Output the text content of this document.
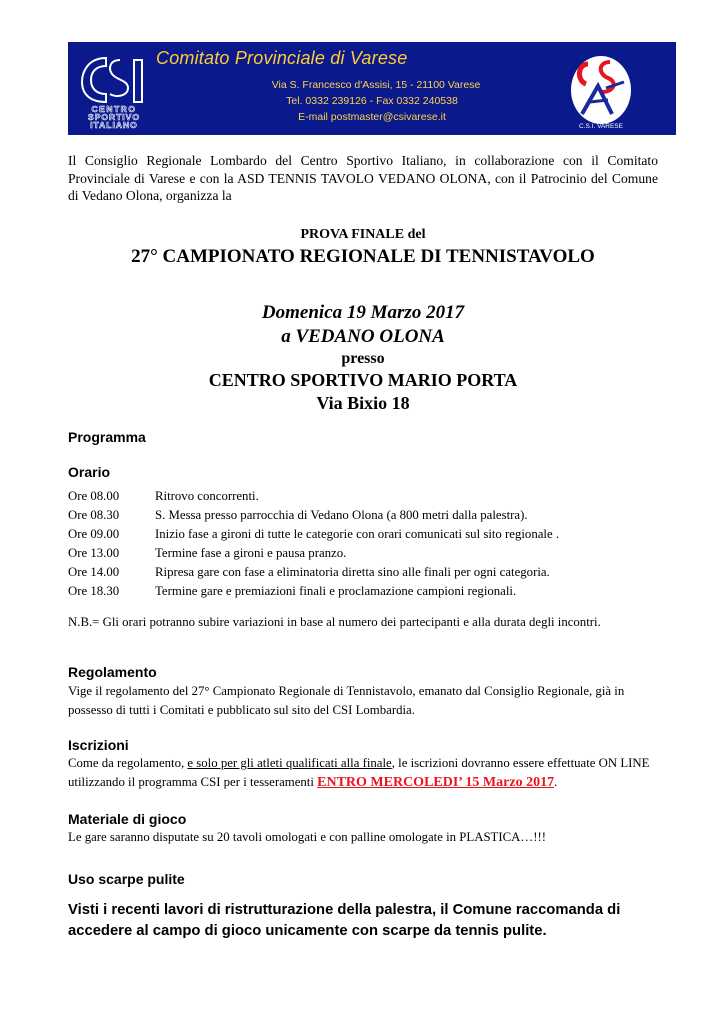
CENTRO
SPORTIVO
ITALIANO
Comitato Provinciale di Varese
Via S. Francesco d'Assisi, 15 - 21100 Varese
Tel. 0332 239126 - Fax 0332 240538
E-mail postmaster@csivarese.it
C.S.I. VARESE
Il Consiglio Regionale Lombardo del Centro Sportivo Italiano, in collaborazione con il Comitato Provinciale di Varese e con la ASD TENNIS TAVOLO VEDANO OLONA, con il Patrocinio del Comune di Vedano Olona, organizza la
PROVA FINALE del
27° CAMPIONATO REGIONALE DI TENNISTAVOLO
Domenica 19 Marzo 2017
a VEDANO OLONA
presso
CENTRO SPORTIVO MARIO PORTA
Via Bixio 18
Programma
Orario
Ore 08.00	Ritrovo concorrenti.
Ore 08.30	S. Messa presso parrocchia di Vedano Olona (a 800 metri dalla palestra).
Ore 09.00	Inizio fase a gironi di tutte le categorie con orari comunicati sul sito regionale .
Ore 13.00	Termine fase a gironi e pausa pranzo.
Ore 14.00	Ripresa gare con fase a eliminatoria diretta sino alle finali per ogni categoria.
Ore 18.30	Termine gare e premiazioni finali e proclamazione campioni regionali.
N.B.= Gli orari potranno subire variazioni in base al numero dei partecipanti e alla durata degli incontri.
Regolamento
Vige il regolamento del 27° Campionato Regionale di Tennistavolo, emanato dal Consiglio Regionale, già in possesso di tutti i Comitati e pubblicato sul sito del CSI Lombardia.
Iscrizioni
Come da regolamento, e solo per gli atleti qualificati alla finale, le iscrizioni dovranno essere effettuate ON LINE utilizzando il programma CSI per i tesseramenti ENTRO MERCOLEDI’ 15 Marzo 2017.
Materiale di gioco
Le gare saranno disputate su 20 tavoli omologati e con palline omologate in PLASTICA…!!!
Uso scarpe pulite
Visti i recenti lavori di ristrutturazione della palestra, il Comune raccomanda di accedere al campo di gioco unicamente con scarpe da tennis pulite.
